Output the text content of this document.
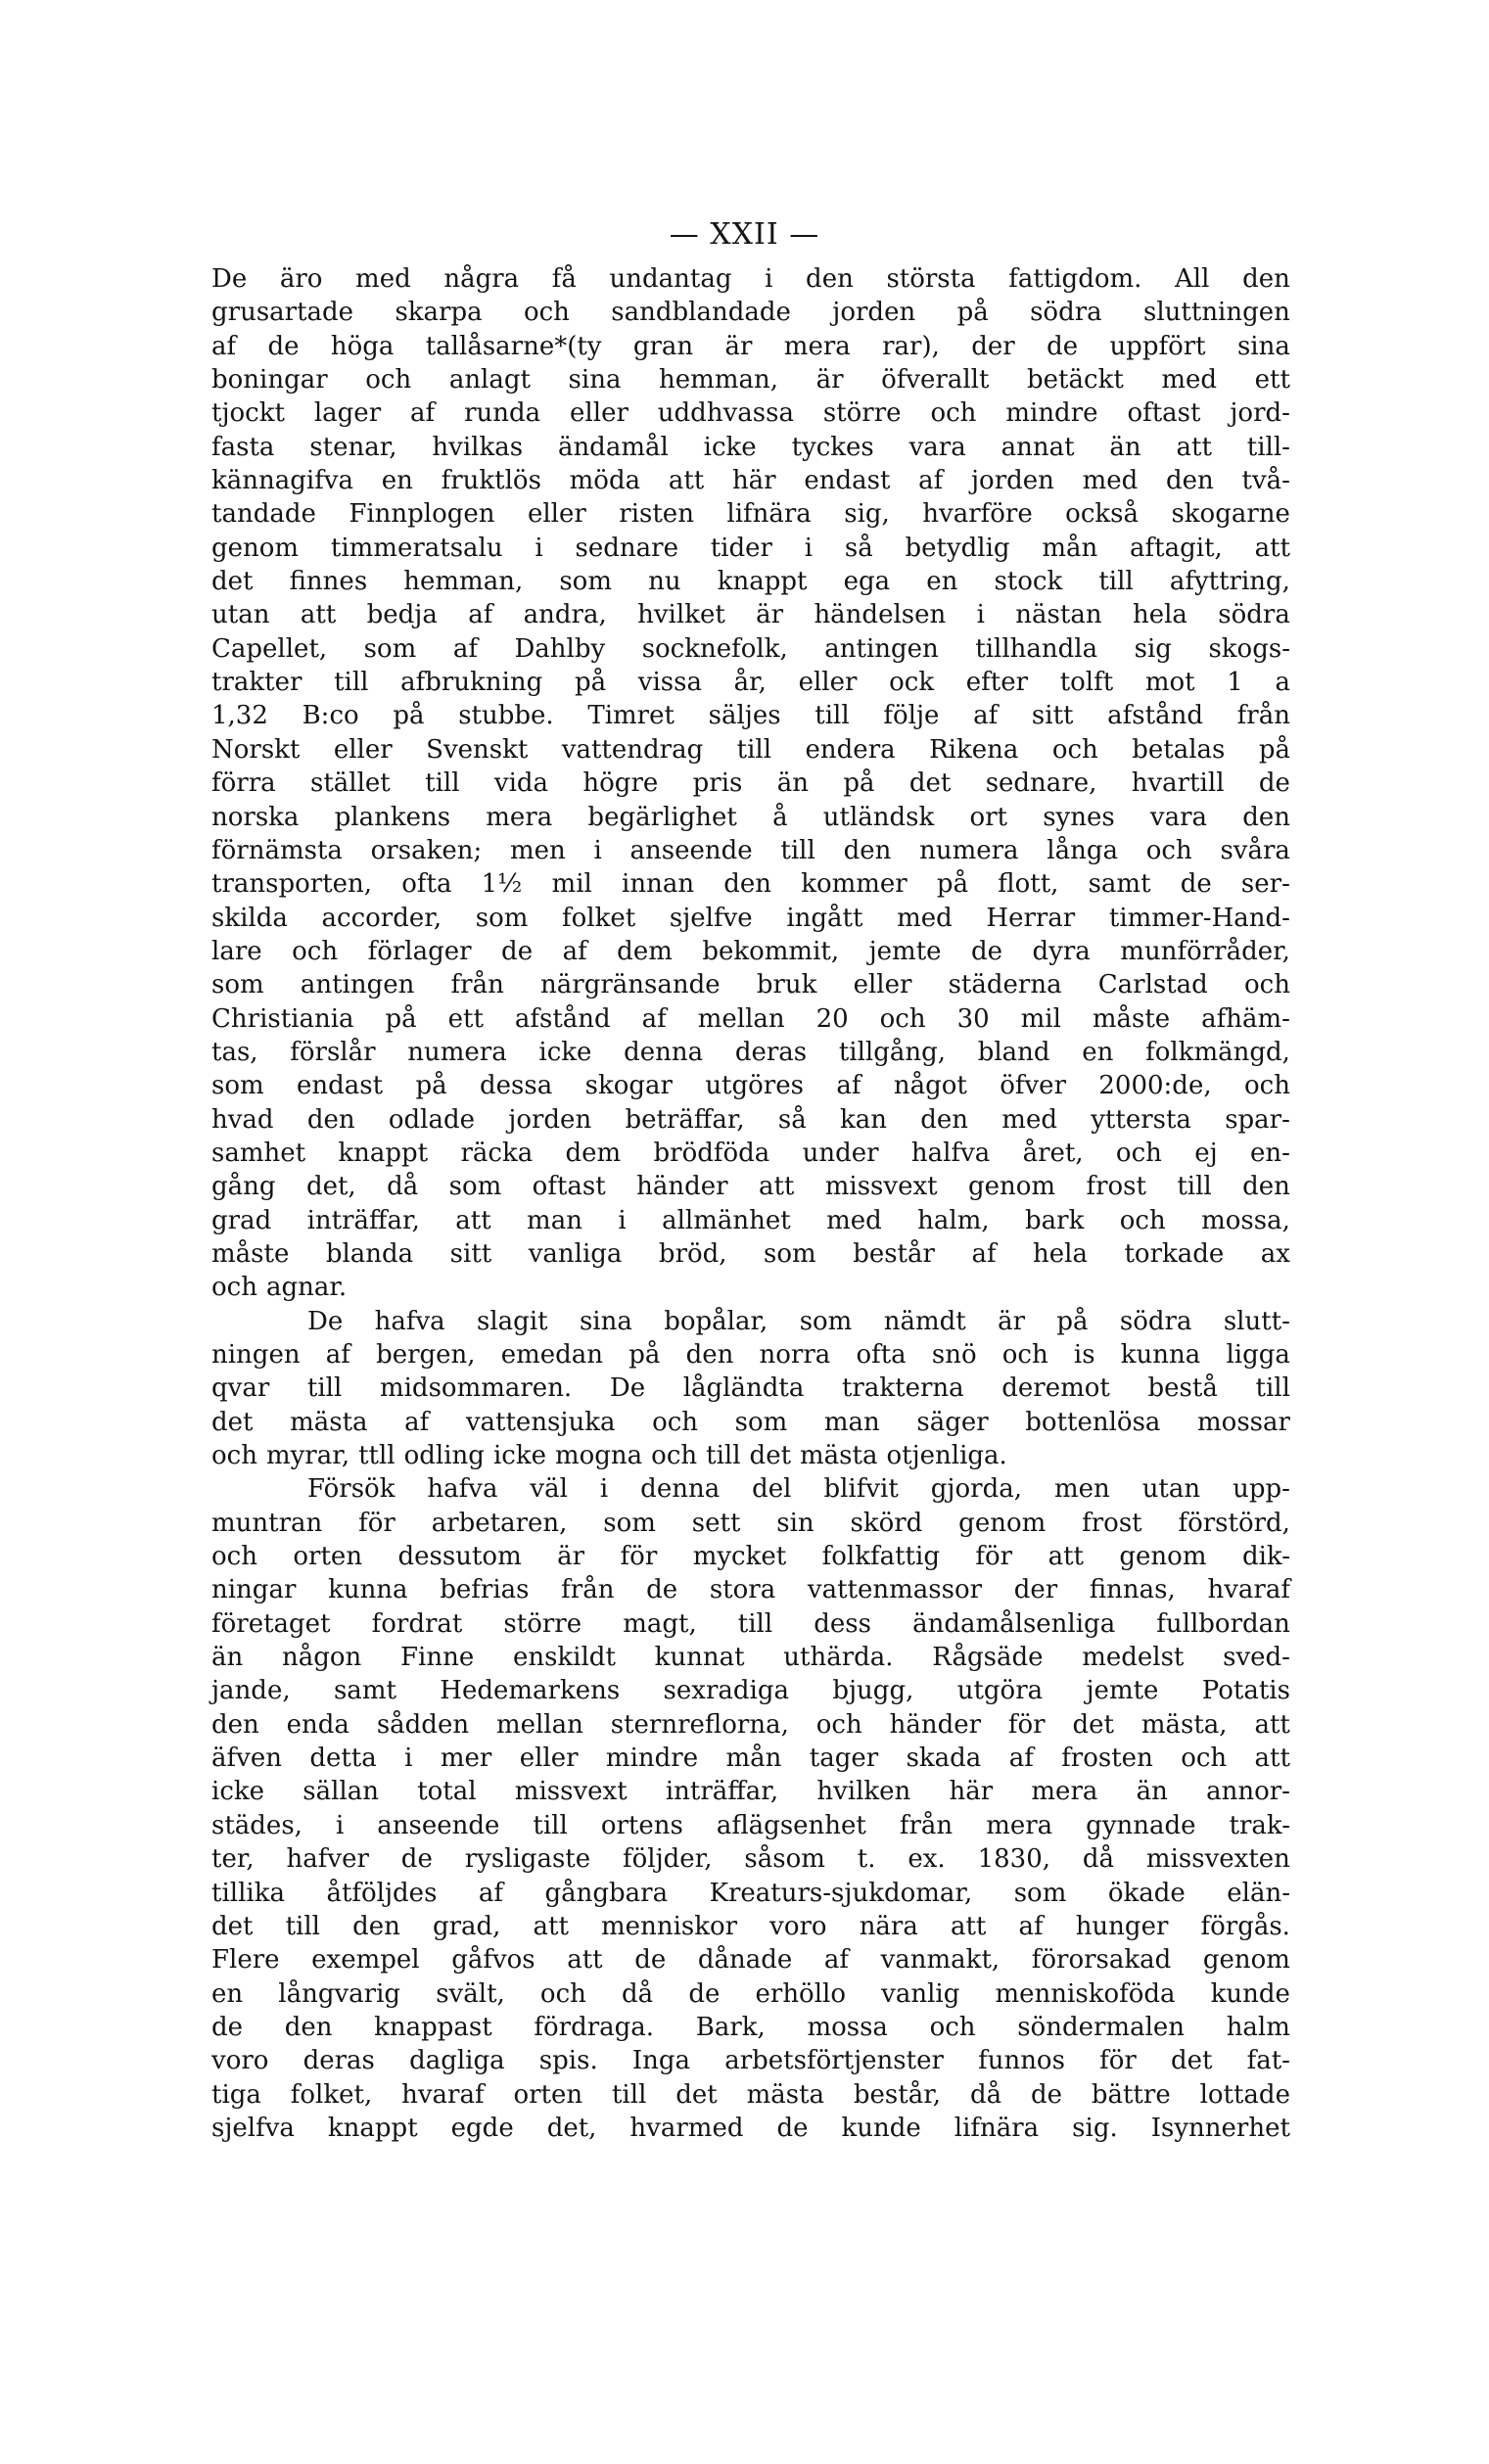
— XXII —
De äro med några få undantag i den största fattigdom. All den
grusartade skarpa och sandblandade jorden på södra sluttningen
af de höga tallåsarne*(ty gran är mera rar), der de uppfört sina
boningar och anlagt sina hemman, är öfverallt betäckt med ett
tjockt lager af runda eller uddhvassa större och mindre oftast jord-
fasta stenar, hvilkas ändamål icke tyckes vara annat än att till-
kännagifva en fruktlös möda att här endast af jorden med den två-
tandade Finnplogen eller risten lifnära sig, hvarföre också skogarne
genom timmeratsalu i sednare tider i så betydlig mån aftagit, att
det finnes hemman, som nu knappt ega en stock till afyttring,
utan att bedja af andra, hvilket är händelsen i nästan hela södra
Capellet, som af Dahlby socknefolk, antingen tillhandla sig skogs-
trakter till afbrukning på vissa år, eller ock efter tolft mot 1 a
1,32 B:co på stubbe. Timret säljes till följe af sitt afstånd från
Norskt eller Svenskt vattendrag till endera Rikena och betalas på
förra stället till vida högre pris än på det sednare, hvartill de
norska plankens mera begärlighet å utländsk ort synes vara den
förnämsta orsaken; men i anseende till den numera långa och svåra
transporten, ofta 1½ mil innan den kommer på flott, samt de ser-
skilda accorder, som folket sjelfve ingått med Herrar timmer-Hand-
lare och förlager de af dem bekommit, jemte de dyra munförråder,
som antingen från närgränsande bruk eller städerna Carlstad och
Christiania på ett afstånd af mellan 20 och 30 mil måste afhäm-
tas, förslår numera icke denna deras tillgång, bland en folkmängd,
som endast på dessa skogar utgöres af något öfver 2000:de, och
hvad den odlade jorden beträffar, så kan den med yttersta spar-
samhet knappt räcka dem brödföda under halfva året, och ej en-
gång det, då som oftast händer att missvext genom frost till den
grad inträffar, att man i allmänhet med halm, bark och mossa,
måste blanda sitt vanliga bröd, som består af hela torkade ax
och agnar.
De hafva slagit sina bopålar, som nämdt är på södra slutt-
ningen af bergen, emedan på den norra ofta snö och is kunna ligga
qvar till midsommaren. De lågländta trakterna deremot bestå till
det mästa af vattensjuka och som man säger bottenlösa mossar
och myrar, ttll odling icke mogna och till det mästa otjenliga.
Försök hafva väl i denna del blifvit gjorda, men utan upp-
muntran för arbetaren, som sett sin skörd genom frost förstörd,
och orten dessutom är för mycket folkfattig för att genom dik-
ningar kunna befrias från de stora vattenmassor der finnas, hvaraf
företaget fordrat större magt, till dess ändamålsenliga fullbordan
än någon Finne enskildt kunnat uthärda. Rågsäde medelst sved-
jande, samt Hedemarkens sexradiga bjugg, utgöra jemte Potatis
den enda sådden mellan sternreflorna, och händer för det mästa, att
äfven detta i mer eller mindre mån tager skada af frosten och att
icke sällan total missvext inträffar, hvilken här mera än annor-
städes, i anseende till ortens aflägsenhet från mera gynnade trak-
ter, hafver de rysligaste följder, såsom t. ex. 1830, då missvexten
tillika åtföljdes af gångbara Kreaturs-sjukdomar, som ökade elän-
det till den grad, att menniskor voro nära att af hunger förgås.
Flere exempel gåfvos att de dånade af vanmakt, förorsakad genom
en långvarig svält, och då de erhöllo vanlig menniskoföda kunde
de den knappast fördraga. Bark, mossa och söndermalen halm
voro deras dagliga spis. Inga arbetsförtjenster funnos för det fat-
tiga folket, hvaraf orten till det mästa består, då de bättre lottade
sjelfva knappt egde det, hvarmed de kunde lifnära sig. Isynnerhet
